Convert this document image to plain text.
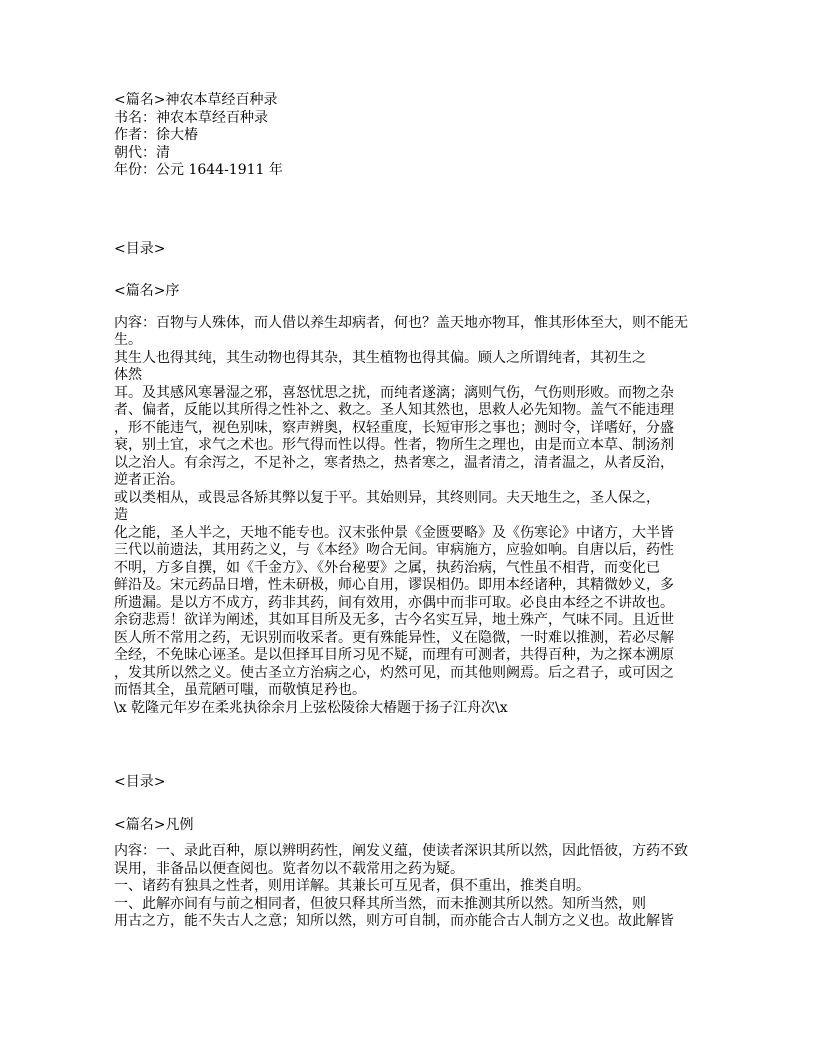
<篇名>神农本草经百种录
书名：神农本草经百种录
作者：徐大椿
朝代：清
年份：公元 1644-1911 年
<目录>
<篇名>序
内容：百物与人殊体，而人借以养生却病者，何也？盖天地亦物耳，惟其形体至大，则不能无
生。
其生人也得其纯，其生动物也得其杂，其生植物也得其偏。顾人之所谓纯者，其初生之
体然
耳。及其感风寒暑湿之邪，喜怒忧思之扰，而纯者遂漓；漓则气伤，气伤则形败。而物之杂
者、偏者，反能以其所得之性补之、救之。圣人知其然也，思救人必先知物。盖气不能违理
，形不能违气，视色别味，察声辨奥，权轻重度，长短审形之事也；测时令，详嗜好，分盛
衰，别土宜，求气之术也。形气得而性以得。性者，物所生之理也，由是而立本草、制汤剂
以之治人。有余泻之，不足补之，寒者热之，热者寒之，温者清之，清者温之，从者反治，
逆者正治。
或以类相从，或畏忌各矫其弊以复于平。其始则异，其终则同。夫天地生之，圣人保之，
造
化之能，圣人半之，天地不能专也。汉末张仲景《金匮要略》及《伤寒论》中诸方，大半皆
三代以前遗法，其用药之义，与《本经》吻合无间。审病施方，应验如响。自唐以后，药性
不明，方多自撰，如《千金方》、《外台秘要》之属，执药治病，气性虽不相背，而变化已
鲜沿及。宋元药品日增，性未研极，师心自用，谬误相仍。即用本经诸种，其精微妙义，多
所遗漏。是以方不成方，药非其药，间有效用，亦偶中而非可取。必良由本经之不讲故也。
余窃悲焉！欲详为阐述，其如耳目所及无多，古今名实互异，地土殊产，气味不同。且近世
医人所不常用之药，无识别而收采者。更有殊能异性，义在隐微，一时难以推测，若必尽解
全经，不免昧心诬圣。是以但择耳目所习见不疑，而理有可测者，共得百种，为之探本溯原
，发其所以然之义。使古圣立方治病之心，灼然可见，而其他则阙焉。后之君子，或可因之
而悟其全，虽荒陋可嗤，而敬慎足矜也。
\x 乾隆元年岁在柔兆执徐余月上弦松陵徐大椿题于扬子江舟次\x
<目录>
<篇名>凡例
内容：一、录此百种，原以辨明药性，阐发义蕴，使读者深识其所以然，因此悟彼，方药不致
误用，非备品以便查阅也。览者勿以不载常用之药为疑。
一、诸药有独具之性者，则用详解。其兼长可互见者，俱不重出，推类自明。
一、此解亦间有与前之相同者，但彼只释其所当然，而未推测其所以然。知所当然，则
用古之方，能不失古人之意；知所以然，则方可自制，而亦能合古人制方之义也。故此解皆
